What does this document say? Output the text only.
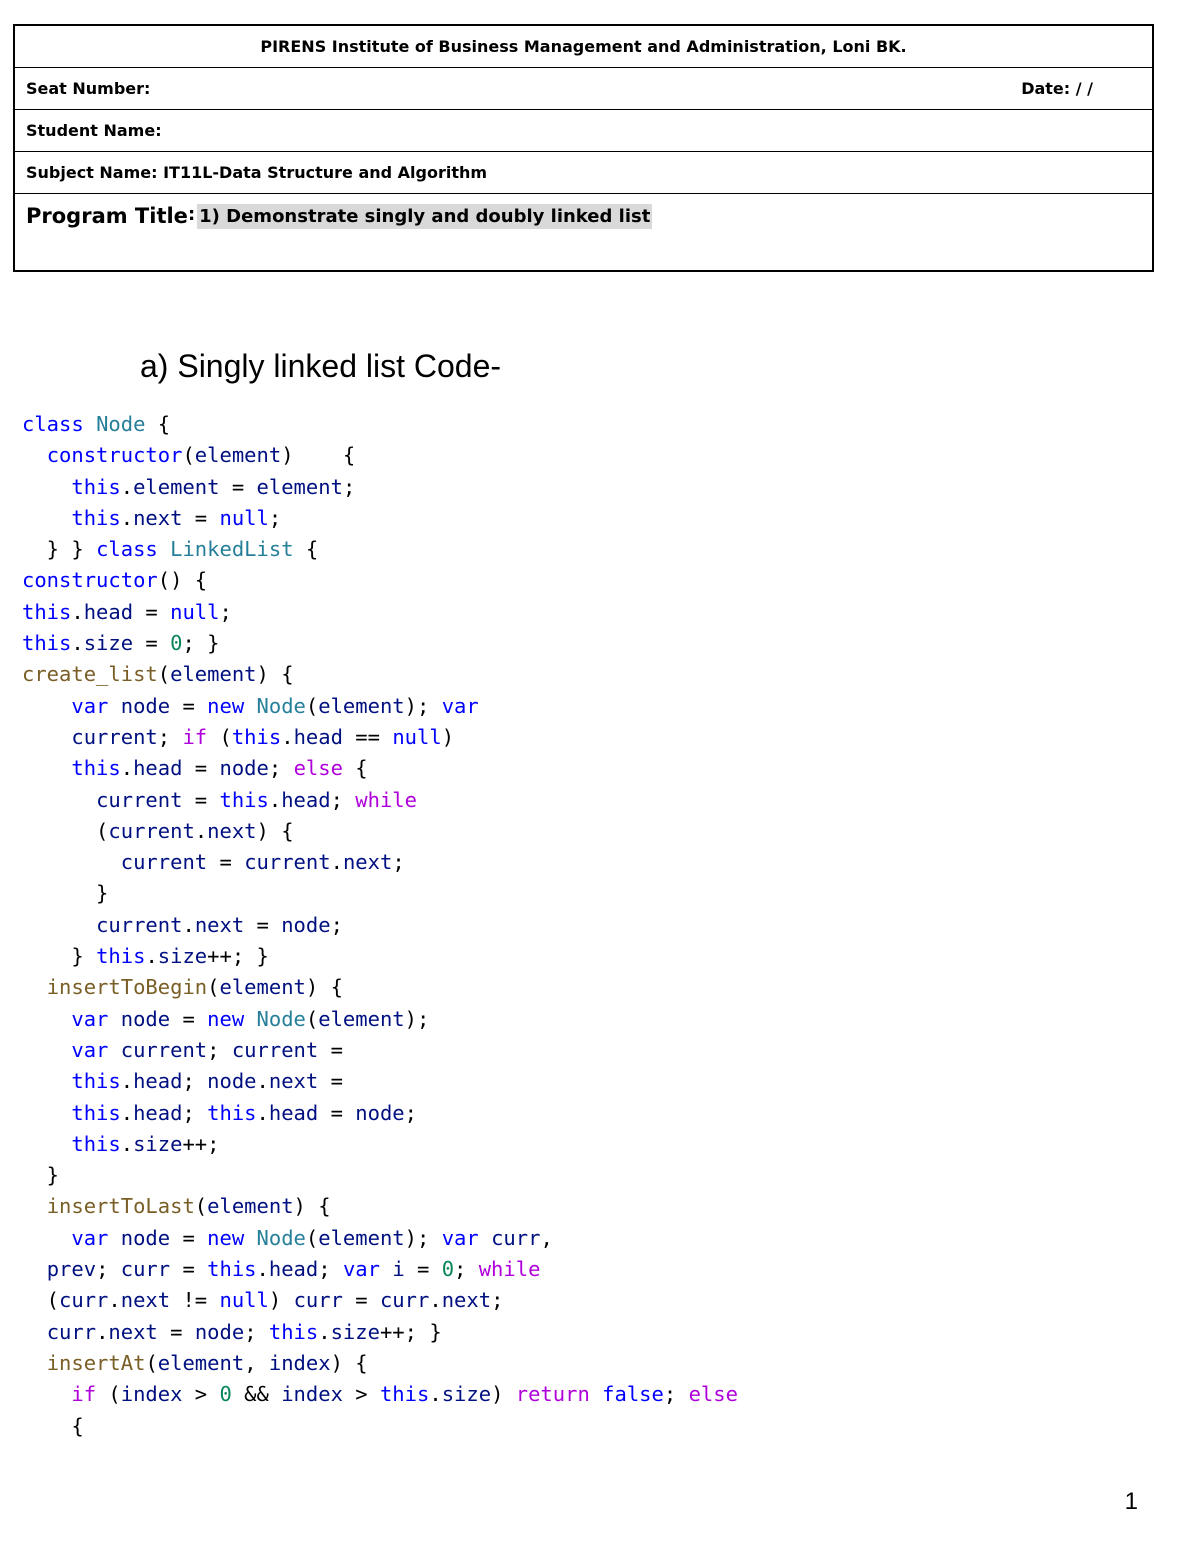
PIRENS Institute of Business Management and Administration, Loni BK.
Seat Number:	Date: / /
Student Name:
Subject Name: IT11L-Data Structure and Algorithm
Program Title : 1) Demonstrate singly and doubly linked list
a) Singly linked list Code-
class Node {
constructor(element)    {
this.element = element;
this.next = null;
} } class LinkedList {
constructor() {
this.head = null;
this.size = 0; }
create_list(element) {
var node = new Node(element); var
current; if (this.head == null)
this.head = node; else {
current = this.head; while
(current.next) {
current = current.next;
}
current.next = node;
} this.size++; }
insertToBegin(element) {
var node = new Node(element);
var current; current =
this.head; node.next =
this.head; this.head = node;
this.size++;
}
insertToLast(element) {
var node = new Node(element); var curr,
prev; curr = this.head; var i = 0; while
(curr.next != null) curr = curr.next;
curr.next = node; this.size++; }
insertAt(element, index) {
if (index > 0 && index > this.size) return false; else
{
1
